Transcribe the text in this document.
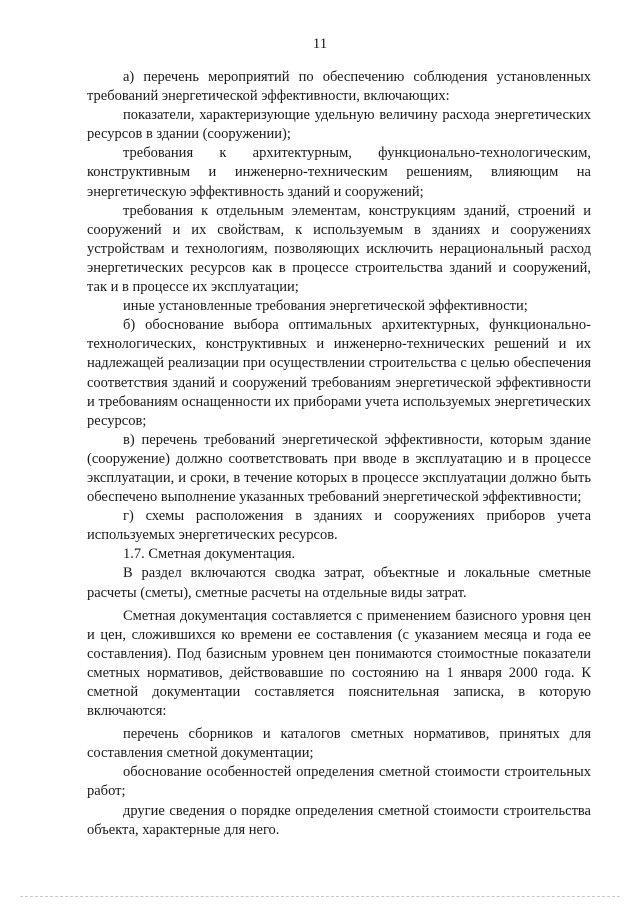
11

а) перечень мероприятий по обеспечению соблюдения установленных требований энергетической эффективности, включающих:

показатели, характеризующие удельную величину расхода энергетических ресурсов в здании (сооружении);

требования к архитектурным, функционально-технологическим, конструктивным и инженерно-техническим решениям, влияющим на энергетическую эффективность зданий и сооружений;

требования к отдельным элементам, конструкциям зданий, строений и сооружений и их свойствам, к используемым в зданиях и сооружениях устройствам и технологиям, позволяющих исключить нерациональный расход энергетических ресурсов как в процессе строительства зданий и сооружений, так и в процессе их эксплуатации;

иные установленные требования энергетической эффективности;

б) обоснование выбора оптимальных архитектурных, функционально-технологических, конструктивных и инженерно-технических решений и их надлежащей реализации при осуществлении строительства с целью обеспечения соответствия зданий и сооружений требованиям энергетической эффективности и требованиям оснащенности их приборами учета используемых энергетических ресурсов;

в) перечень требований энергетической эффективности, которым здание (сооружение) должно соответствовать при вводе в эксплуатацию и в процессе эксплуатации, и сроки, в течение которых в процессе эксплуатации должно быть обеспечено выполнение указанных требований энергетической эффективности;

г) схемы расположения в зданиях и сооружениях приборов учета используемых энергетических ресурсов.

1.7. Сметная документация.

В раздел включаются сводка затрат, объектные и локальные сметные расчеты (сметы), сметные расчеты на отдельные виды затрат.

Сметная документация составляется с применением базисного уровня цен и цен, сложившихся ко времени ее составления (с указанием месяца и года ее составления). Под базисным уровнем цен понимаются стоимостные показатели сметных нормативов, действовавшие по состоянию на 1 января 2000 года. К сметной документации составляется пояснительная записка, в которую включаются:

перечень сборников и каталогов сметных нормативов, принятых для составления сметной документации;

обоснование особенностей определения сметной стоимости строительных работ;

другие сведения о порядке определения сметной стоимости строительства объекта, характерные для него.
